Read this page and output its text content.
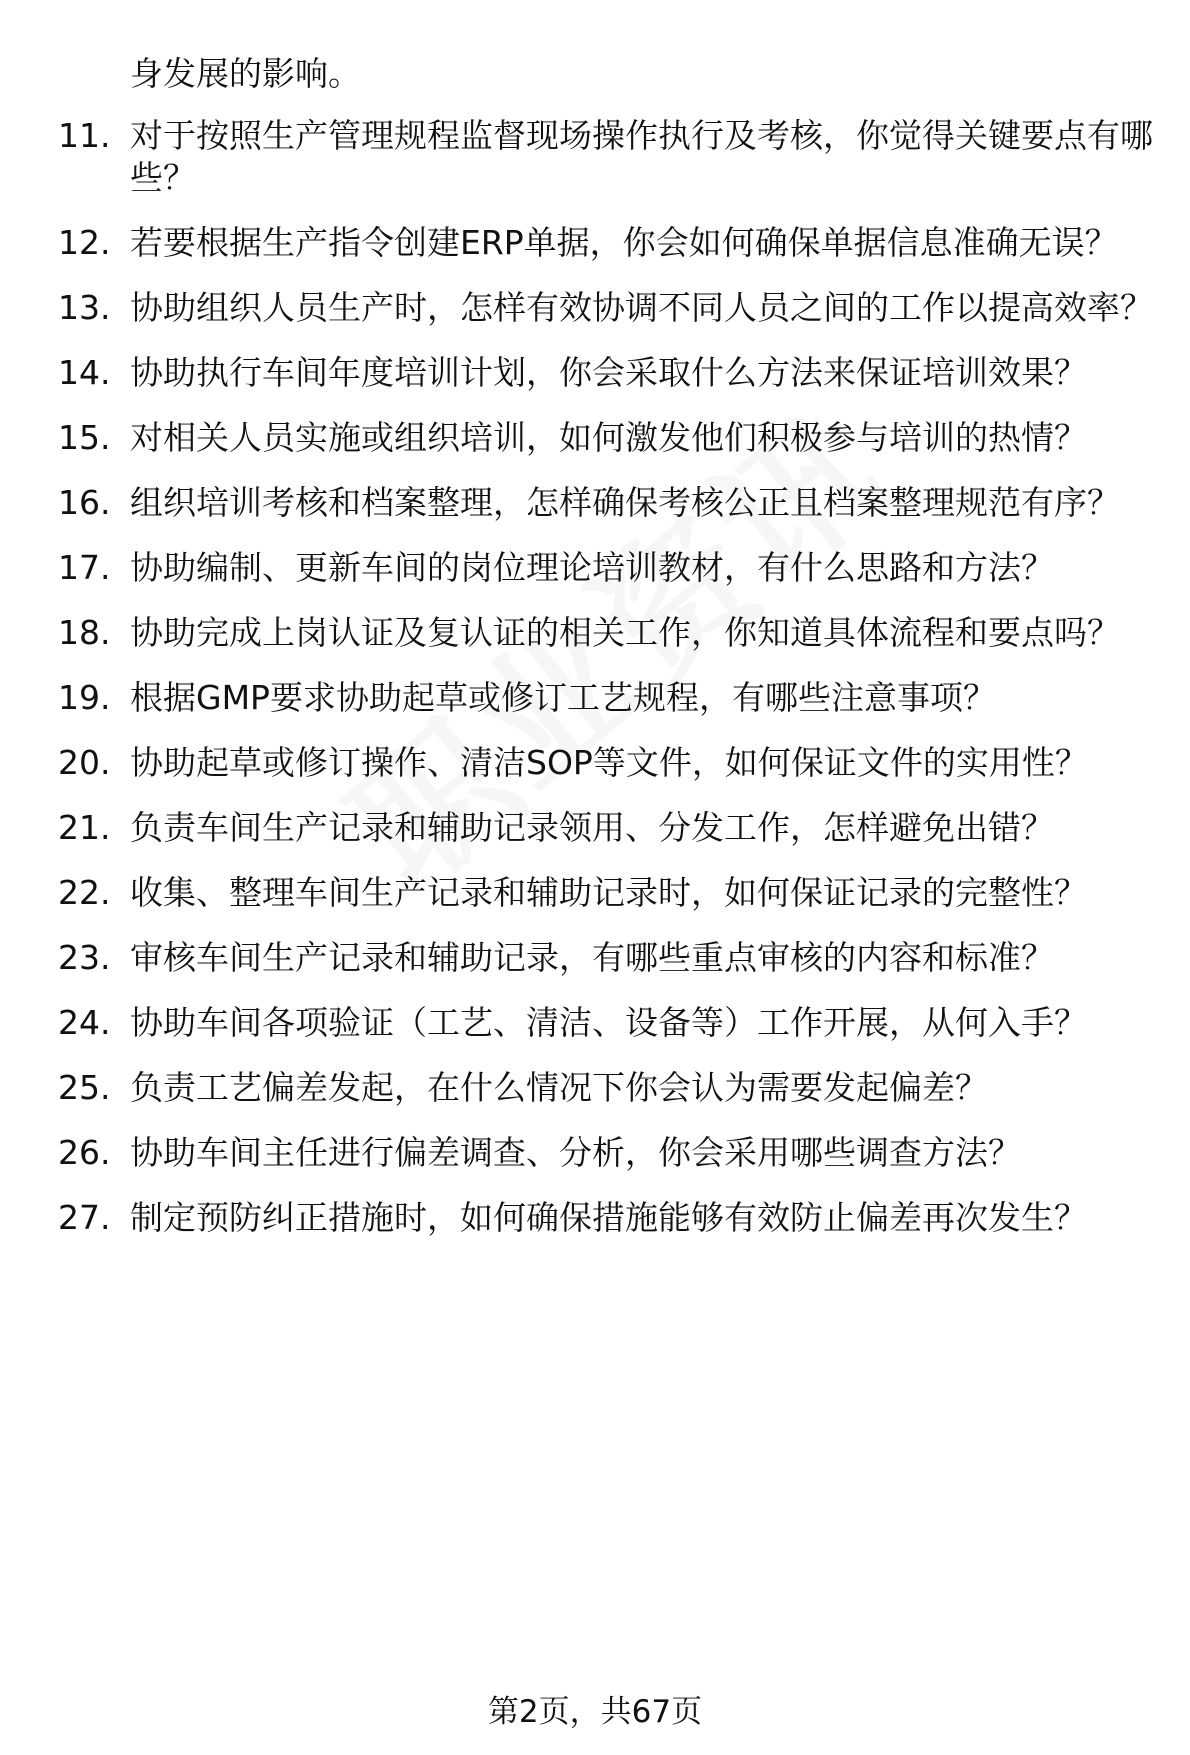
身发展的影响。
11. 对于按照生产管理规程监督现场操作执行及考核，你觉得关键要点有哪些？
12. 若要根据生产指令创建ERP单据，你会如何确保单据信息准确无误？
13. 协助组织人员生产时，怎样有效协调不同人员之间的工作以提高效率？
14. 协助执行车间年度培训计划，你会采取什么方法来保证培训效果？
15. 对相关人员实施或组织培训，如何激发他们积极参与培训的热情？
16. 组织培训考核和档案整理，怎样确保考核公正且档案整理规范有序？
17. 协助编制、更新车间的岗位理论培训教材，有什么思路和方法？
18. 协助完成上岗认证及复认证的相关工作，你知道具体流程和要点吗？
19. 根据GMP要求协助起草或修订工艺规程，有哪些注意事项？
20. 协助起草或修订操作、清洁SOP等文件，如何保证文件的实用性？
21. 负责车间生产记录和辅助记录领用、分发工作，怎样避免出错？
22. 收集、整理车间生产记录和辅助记录时，如何保证记录的完整性？
23. 审核车间生产记录和辅助记录，有哪些重点审核的内容和标准？
24. 协助车间各项验证（工艺、清洁、设备等）工作开展，从何入手？
25. 负责工艺偏差发起，在什么情况下你会认为需要发起偏差？
26. 协助车间主任进行偏差调查、分析，你会采用哪些调查方法？
27. 制定预防纠正措施时，如何确保措施能够有效防止偏差再次发生？
第2页，共67页
